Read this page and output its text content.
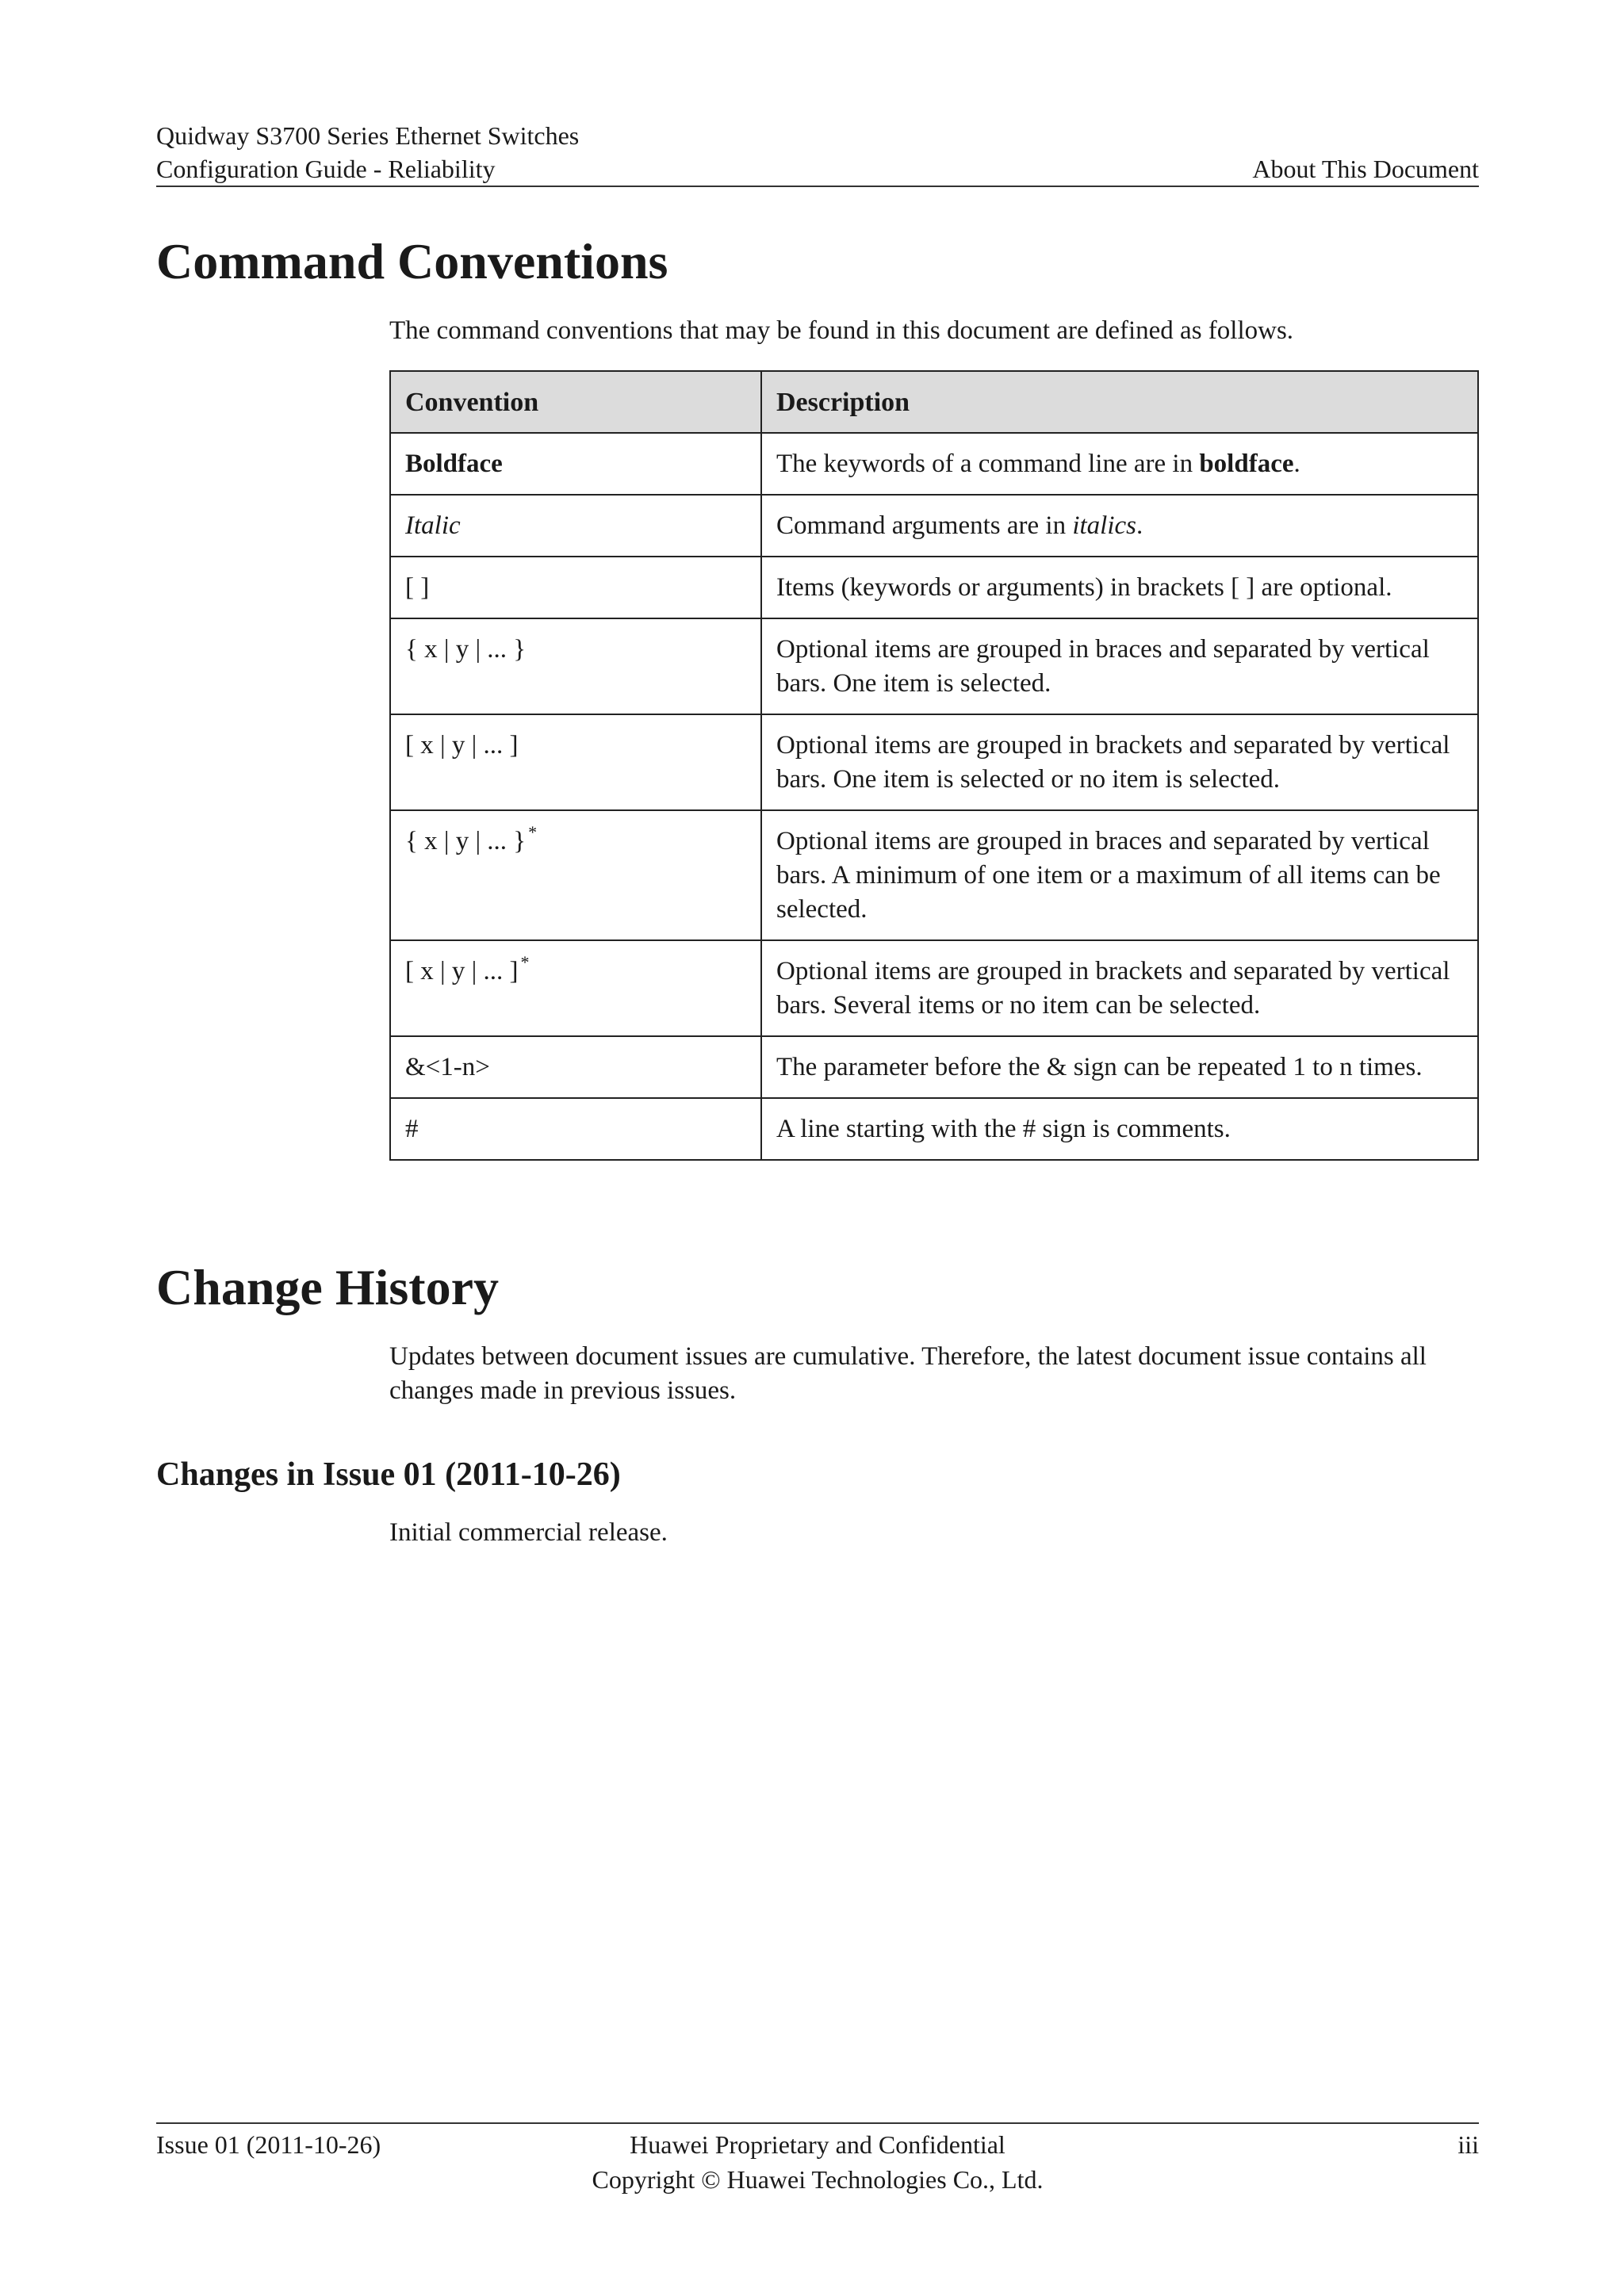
Quidway S3700 Series Ethernet Switches
Configuration Guide - Reliability	About This Document
Command Conventions

The command conventions that may be found in this document are defined as follows.

Convention	Description
Boldface	The keywords of a command line are in boldface.
Italic	Command arguments are in italics.
[ ]	Items (keywords or arguments) in brackets [ ] are optional.
{ x | y | ... }	Optional items are grouped in braces and separated by vertical bars. One item is selected.
[ x | y | ... ]	Optional items are grouped in brackets and separated by vertical bars. One item is selected or no item is selected.
{ x | y | ... } *	Optional items are grouped in braces and separated by vertical bars. A minimum of one item or a maximum of all items can be selected.
[ x | y | ... ] *	Optional items are grouped in brackets and separated by vertical bars. Several items or no item can be selected.
&<1-n>	The parameter before the & sign can be repeated 1 to n times.
#	A line starting with the # sign is comments.
Change History

Updates between document issues are cumulative. Therefore, the latest document issue contains all changes made in previous issues.

Changes in Issue 01 (2011-10-26)

Initial commercial release.

Issue 01 (2011-10-26)	Huawei Proprietary and Confidential
Copyright © Huawei Technologies Co., Ltd.
iii
